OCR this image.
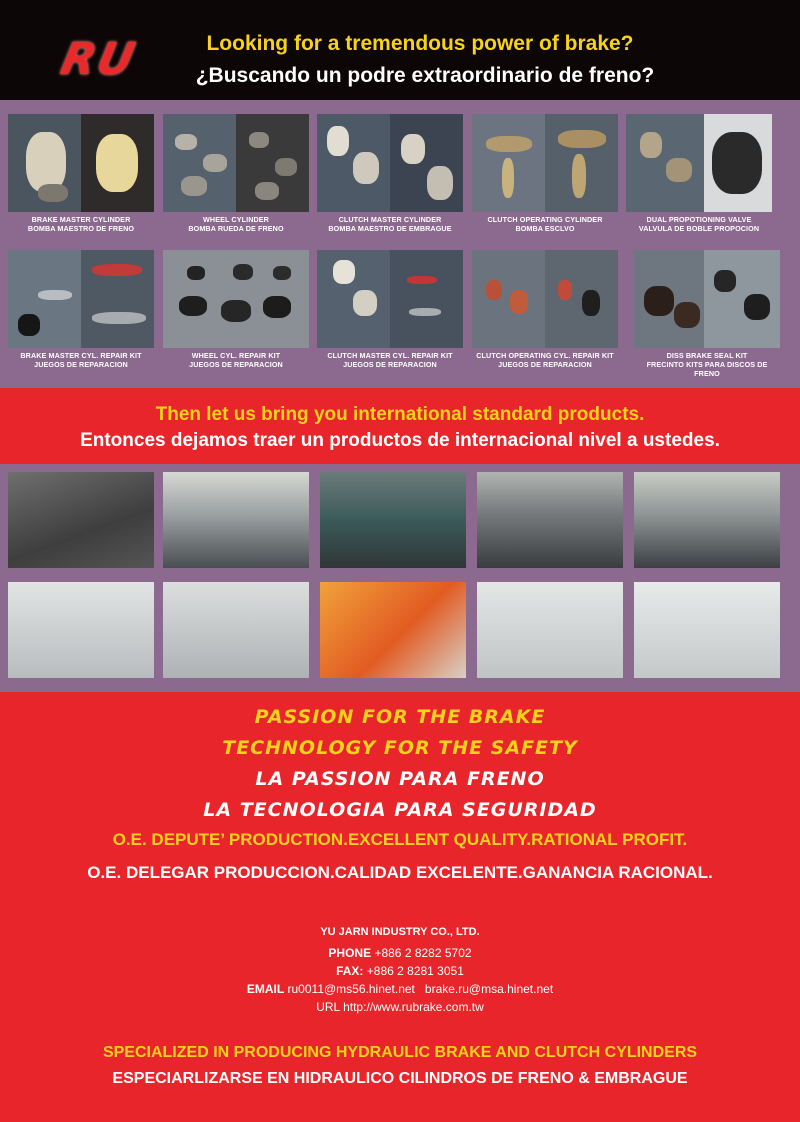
RU	Looking for a tremendous power of brake?
¿Buscando un podre extraordinario de freno?
BRAKE MASTER CYLINDER
BOMBA MAESTRO DE FRENO
WHEEL CYLINDER
BOMBA RUEDA DE FRENO
CLUTCH MASTER CYLINDER
BOMBA MAESTRO DE EMBRAGUE
CLUTCH OPERATING CYLINDER
BOMBA ESCLVO
DUAL PROPOTIONING VALVE
VALVULA DE BOBLE PROPOCION
BRAKE MASTER CYL. REPAIR KIT
JUEGOS DE REPARACION
WHEEL CYL. REPAIR KIT
JUEGOS DE REPARACION
CLUTCH MASTER CYL. REPAIR KIT
JUEGOS DE REPARACION
CLUTCH OPERATING CYL. REPAIR KIT
JUEGOS DE REPARACION
DISS BRAKE SEAL KIT
FRECINTO KITS PARA DISCOS DE FRENO
Then let us bring you international standard products.
Entonces dejamos traer un productos de internacional nivel a ustedes.
PASSION FOR THE BRAKE
TECHNOLOGY FOR THE SAFETY
LA PASSION PARA FRENO
LA TECNOLOGIA PARA SEGURIDAD
O.E. DEPUTE’ PRODUCTION.EXCELLENT QUALITY.RATIONAL PROFIT.
O.E. DELEGAR PRODUCCION.CALIDAD EXCELENTE.GANANCIA RACIONAL.
YU JARN INDUSTRY CO., LTD.
PHONE +886 2 8282 5702
FAX: +886 2 8281 3051
EMAIL ru0011@ms56.hinet.net brake.ru@msa.hinet.net
URL http://www.rubrake.com.tw
SPECIALIZED IN PRODUCING HYDRAULIC BRAKE AND CLUTCH CYLINDERS
ESPECIARLIZARSE EN HIDRAULICO CILINDROS DE FRENO & EMBRAGUE
